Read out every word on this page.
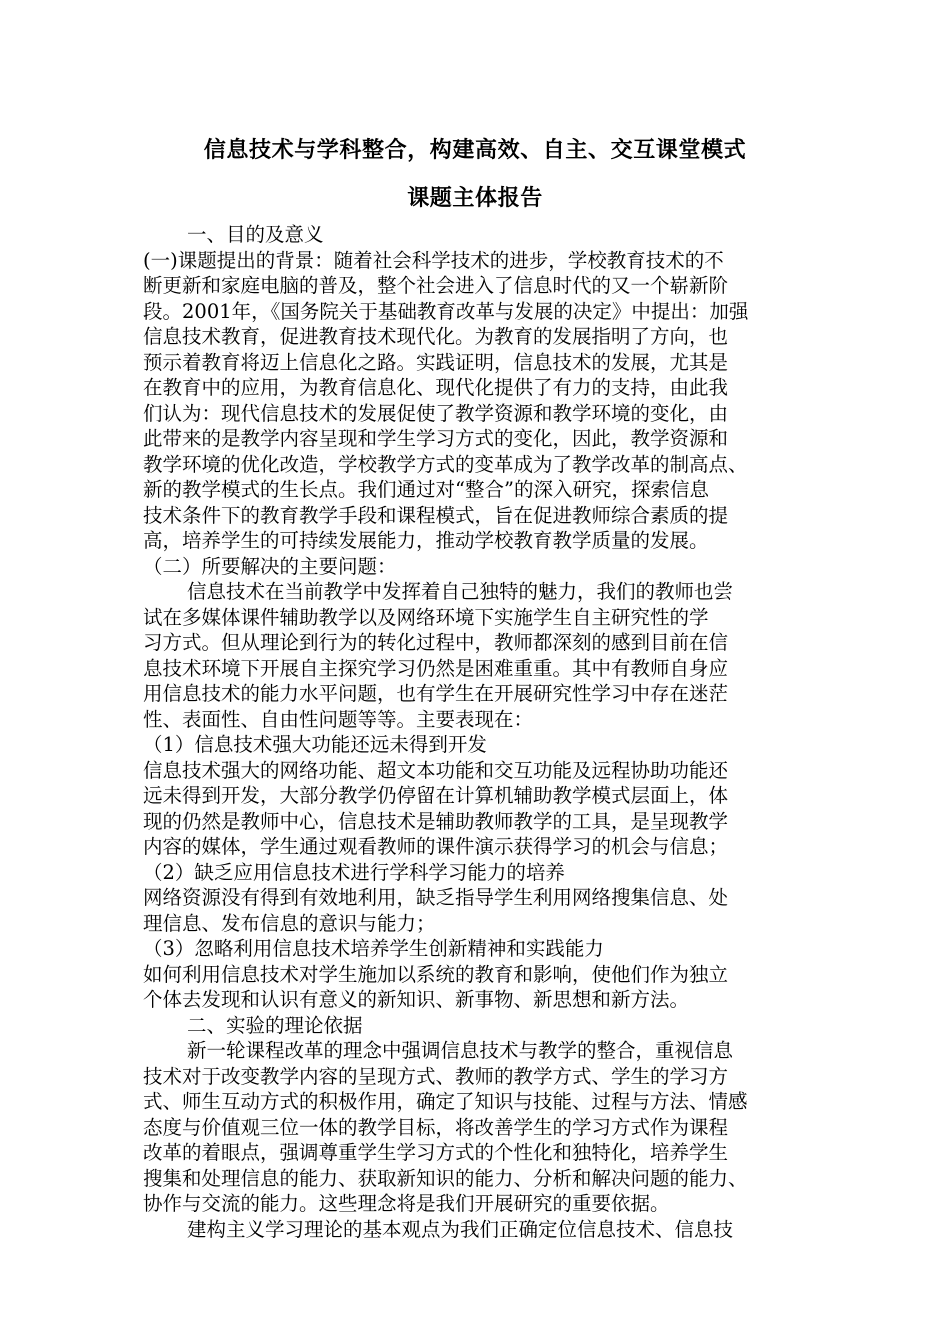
信息技术与学科整合，构建高效、自主、交互课堂模式
课题主体报告
一、目的及意义
(一)课题提出的背景：随着社会科学技术的进步，学校教育技术的不
断更新和家庭电脑的普及，整个社会进入了信息时代的又一个崭新阶
段。2001年，《国务院关于基础教育改革与发展的决定》中提出：加强
信息技术教育，促进教育技术现代化。为教育的发展指明了方向，也
预示着教育将迈上信息化之路。实践证明，信息技术的发展，尤其是
在教育中的应用，为教育信息化、现代化提供了有力的支持，由此我
们认为：现代信息技术的发展促使了教学资源和教学环境的变化，由
此带来的是教学内容呈现和学生学习方式的变化，因此，教学资源和
教学环境的优化改造，学校教学方式的变革成为了教学改革的制高点、
新的教学模式的生长点。我们通过对“整合”的深入研究，探索信息
技术条件下的教育教学手段和课程模式，旨在促进教师综合素质的提
高，培养学生的可持续发展能力，推动学校教育教学质量的发展。
（二）所要解决的主要问题：
信息技术在当前教学中发挥着自己独特的魅力，我们的教师也尝
试在多媒体课件辅助教学以及网络环境下实施学生自主研究性的学
习方式。但从理论到行为的转化过程中，教师都深刻的感到目前在信
息技术环境下开展自主探究学习仍然是困难重重。其中有教师自身应
用信息技术的能力水平问题，也有学生在开展研究性学习中存在迷茫
性、表面性、自由性问题等等。主要表现在：
（1）信息技术强大功能还远未得到开发
信息技术强大的网络功能、超文本功能和交互功能及远程协助功能还
远未得到开发，大部分教学仍停留在计算机辅助教学模式层面上，体
现的仍然是教师中心，信息技术是辅助教师教学的工具，是呈现教学
内容的媒体，学生通过观看教师的课件演示获得学习的机会与信息；
（2）缺乏应用信息技术进行学科学习能力的培养
网络资源没有得到有效地利用，缺乏指导学生利用网络搜集信息、处
理信息、发布信息的意识与能力；
（3）忽略利用信息技术培养学生创新精神和实践能力
如何利用信息技术对学生施加以系统的教育和影响，使他们作为独立
个体去发现和认识有意义的新知识、新事物、新思想和新方法。
二、实验的理论依据
新一轮课程改革的理念中强调信息技术与教学的整合，重视信息
技术对于改变教学内容的呈现方式、教师的教学方式、学生的学习方
式、师生互动方式的积极作用，确定了知识与技能、过程与方法、情感
态度与价值观三位一体的教学目标，将改善学生的学习方式作为课程
改革的着眼点，强调尊重学生学习方式的个性化和独特化，培养学生
搜集和处理信息的能力、获取新知识的能力、分析和解决问题的能力、
协作与交流的能力。这些理念将是我们开展研究的重要依据。
建构主义学习理论的基本观点为我们正确定位信息技术、信息技
